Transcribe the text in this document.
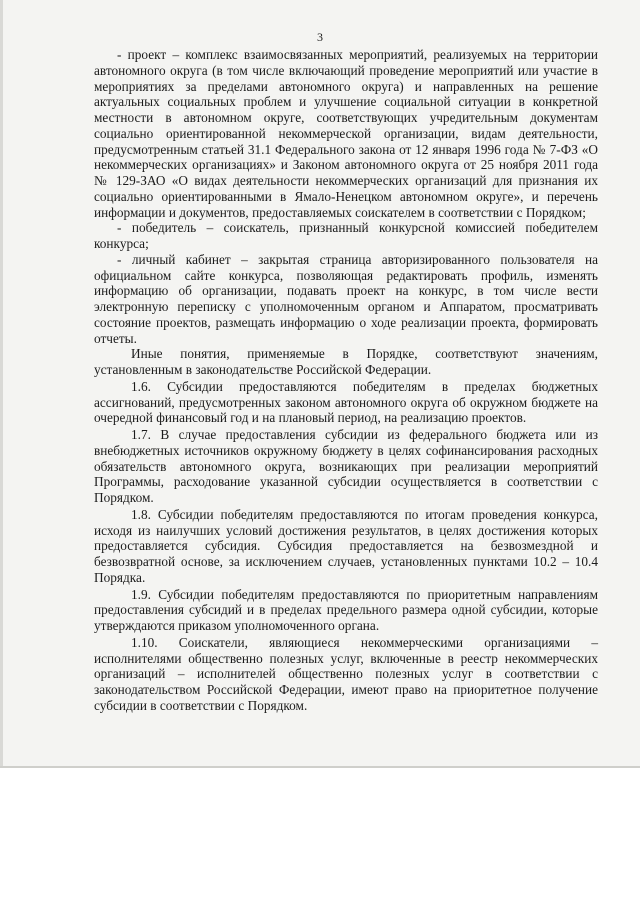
3

- проект – комплекс взаимосвязанных мероприятий, реализуемых на территории автономного округа (в том числе включающий проведение мероприятий или участие в мероприятиях за пределами автономного округа) и направленных на решение актуальных социальных проблем и улучшение социальной ситуации в конкретной местности в автономном округе, соответствующих учредительным документам социально ориентированной некоммерческой организации, видам деятельности, предусмотренным статьей 31.1 Федерального закона от 12 января 1996 года № 7-ФЗ «О некоммерческих организациях» и Законом автономного округа от 25 ноября 2011 года № 129-ЗАО «О видах деятельности некоммерческих организаций для признания их социально ориентированными в Ямало-Ненецком автономном округе», и перечень информации и документов, предоставляемых соискателем в соответствии с Порядком;

- победитель – соискатель, признанный конкурсной комиссией победителем конкурса;

- личный кабинет – закрытая страница авторизированного пользователя на официальном сайте конкурса, позволяющая редактировать профиль, изменять информацию об организации, подавать проект на конкурс, в том числе вести электронную переписку с уполномоченным органом и Аппаратом, просматривать состояние проектов, размещать информацию о ходе реализации проекта, формировать отчеты.

Иные понятия, применяемые в Порядке, соответствуют значениям, установленным в законодательстве Российской Федерации.

1.6. Субсидии предоставляются победителям в пределах бюджетных ассигнований, предусмотренных законом автономного округа об окружном бюджете на очередной финансовый год и на плановый период, на реализацию проектов.

1.7. В случае предоставления субсидии из федерального бюджета или из внебюджетных источников окружному бюджету в целях софинансирования расходных обязательств автономного округа, возникающих при реализации мероприятий Программы, расходование указанной субсидии осуществляется в соответствии с Порядком.

1.8. Субсидии победителям предоставляются по итогам проведения конкурса, исходя из наилучших условий достижения результатов, в целях достижения которых предоставляется субсидия. Субсидия предоставляется на безвозмездной и безвозвратной основе, за исключением случаев, установленных пунктами 10.2 – 10.4 Порядка.

1.9. Субсидии победителям предоставляются по приоритетным направлениям предоставления субсидий и в пределах предельного размера одной субсидии, которые утверждаются приказом уполномоченного органа.

1.10. Соискатели, являющиеся некоммерческими организациями – исполнителями общественно полезных услуг, включенные в реестр некоммерческих организаций – исполнителей общественно полезных услуг в соответствии с законодательством Российской Федерации, имеют право на приоритетное получение субсидии в соответствии с Порядком.
